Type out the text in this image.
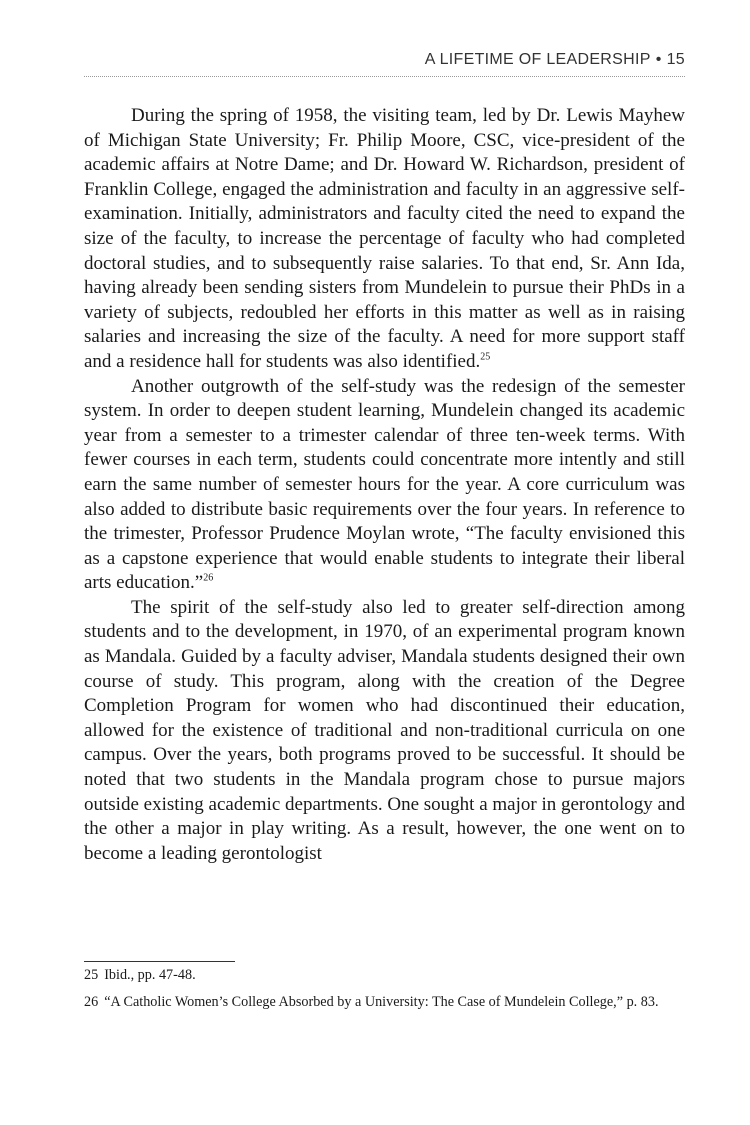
A LIFETIME OF LEADERSHIP • 15

During the spring of 1958, the visiting team, led by Dr. Lewis Mayhew of Michigan State University; Fr. Philip Moore, CSC, vice-president of the academic affairs at Notre Dame; and Dr. Howard W. Richardson, president of Franklin College, engaged the administration and faculty in an aggressive self-examination. Initially, administrators and faculty cited the need to expand the size of the faculty, to increase the percentage of faculty who had completed doctoral studies, and to subsequently raise salaries. To that end, Sr. Ann Ida, having already been sending sisters from Mundelein to pursue their PhDs in a variety of subjects, redoubled her efforts in this matter as well as in raising salaries and increasing the size of the faculty. A need for more support staff and a residence hall for students was also identified.$^{25}$

Another outgrowth of the self-study was the redesign of the semester system. In order to deepen student learning, Mundelein changed its academic year from a semester to a trimester calendar of three ten-week terms. With fewer courses in each term, students could concentrate more intently and still earn the same number of semester hours for the year. A core curriculum was also added to distribute basic requirements over the four years. In reference to the trimester, Professor Prudence Moylan wrote, “The faculty envisioned this as a capstone experience that would enable students to integrate their liberal arts education.”$^{26}$

The spirit of the self-study also led to greater self-direction among students and to the development, in 1970, of an experimental program known as Mandala. Guided by a faculty adviser, Mandala students designed their own course of study. This program, along with the creation of the Degree Completion Program for women who had discontinued their education, allowed for the existence of traditional and non-traditional curricula on one campus. Over the years, both programs proved to be successful. It should be noted that two students in the Mandala program chose to pursue majors outside existing academic departments. One sought a major in gerontology and the other a major in play writing. As a result, however, the one went on to become a leading gerontologist

25 Ibid., pp. 47-48.

26 “A Catholic Women’s College Absorbed by a University: The Case of Mundelein College,” p. 83.
